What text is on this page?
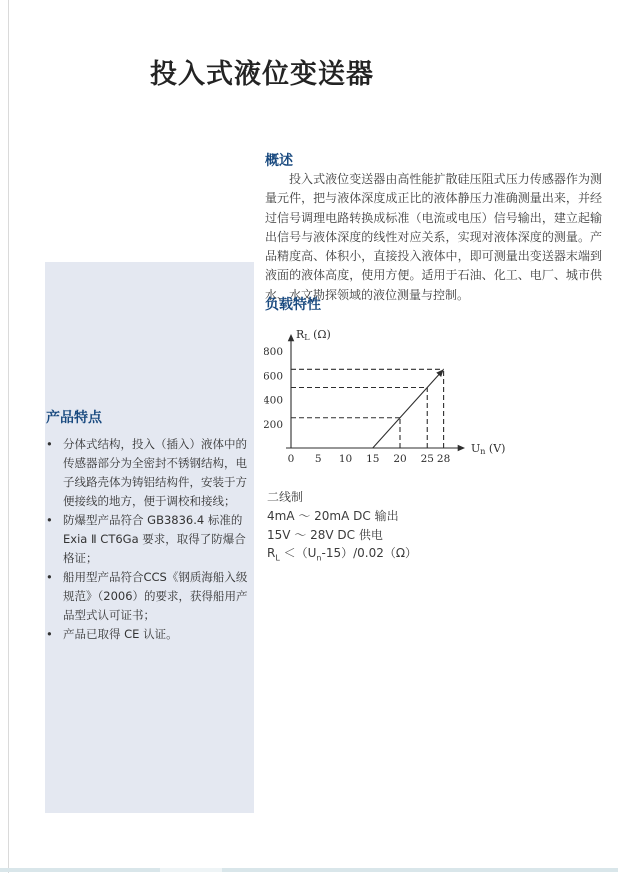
投入式液位变送器
概述

投入式液位变送器由高性能扩散硅压阻式压力传感器作为测量元件，把与液体深度成正比的液体静压力准确测量出来，并经过信号调理电路转换成标准（电流或电压）信号输出，建立起输出信号与液体深度的线性对应关系，实现对液体深度的测量。产品精度高、体积小，直接投入液体中，即可测量出变送器末端到液面的液体高度，使用方便。适用于石油、化工、电厂、城市供水、水文勘探领域的液位测量与控制。

负载特性
200
400
600
800
0 5 10 15 20 25 28
RL (Ω)
Un (V)
二线制
4mA ～ 20mA DC 输出
15V ～ 28V DC 供电
$R_L <(U_n-15)/0.02(\Omega)$
产品特点
• 分体式结构，投入（插入）液体中的传感器部分为全密封不锈钢结构，电子线路壳体为铸铝结构件，安装于方便接线的地方，便于调校和接线；
• 防爆型产品符合 GB3836.4 标准的 Exia Ⅱ CT6Ga 要求，取得了防爆合格证；
• 船用型产品符合CCS《钢质海船入级规范》（2006）的要求，获得船用产品型式认可证书；
• 产品已取得 CE 认证。
